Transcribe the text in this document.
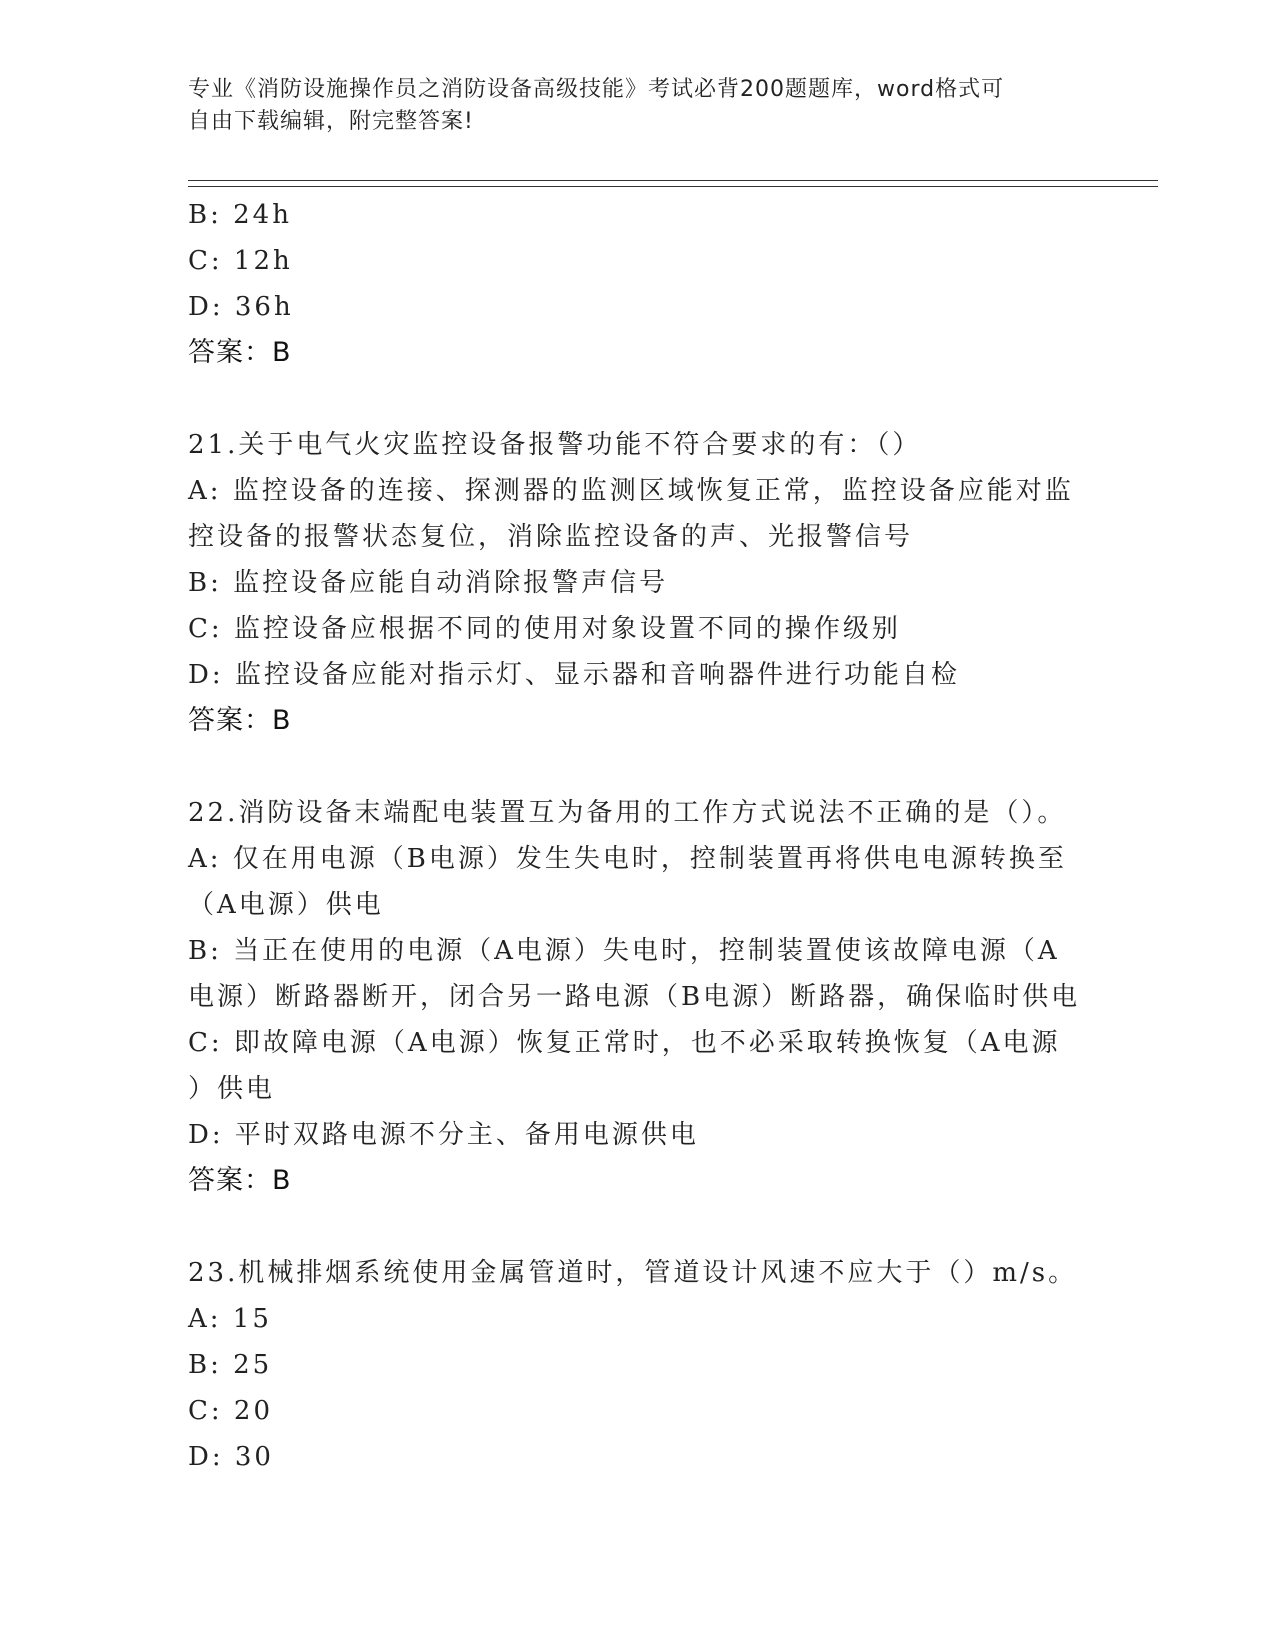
专业《消防设施操作员之消防设备高级技能》考试必背200题题库，word格式可
自由下载编辑，附完整答案!
B: 24h
C: 12h
D: 36h
答案：B
21.关于电气火灾监控设备报警功能不符合要求的有：（）
A: 监控设备的连接、探测器的监测区域恢复正常，监控设备应能对监
控设备的报警状态复位，消除监控设备的声、光报警信号
B: 监控设备应能自动消除报警声信号
C: 监控设备应根据不同的使用对象设置不同的操作级别
D: 监控设备应能对指示灯、显示器和音响器件进行功能自检
答案：B
22.消防设备末端配电装置互为备用的工作方式说法不正确的是（）。
A: 仅在用电源（B电源）发生失电时，控制装置再将供电电源转换至
（A电源）供电
B: 当正在使用的电源（A电源）失电时，控制装置使该故障电源（A
电源）断路器断开，闭合另一路电源（B电源）断路器，确保临时供电
C: 即故障电源（A电源）恢复正常时，也不必采取转换恢复（A电源
）供电
D: 平时双路电源不分主、备用电源供电
答案：B
23.机械排烟系统使用金属管道时，管道设计风速不应大于（）m/s。
A: 15
B: 25
C: 20
D: 30
